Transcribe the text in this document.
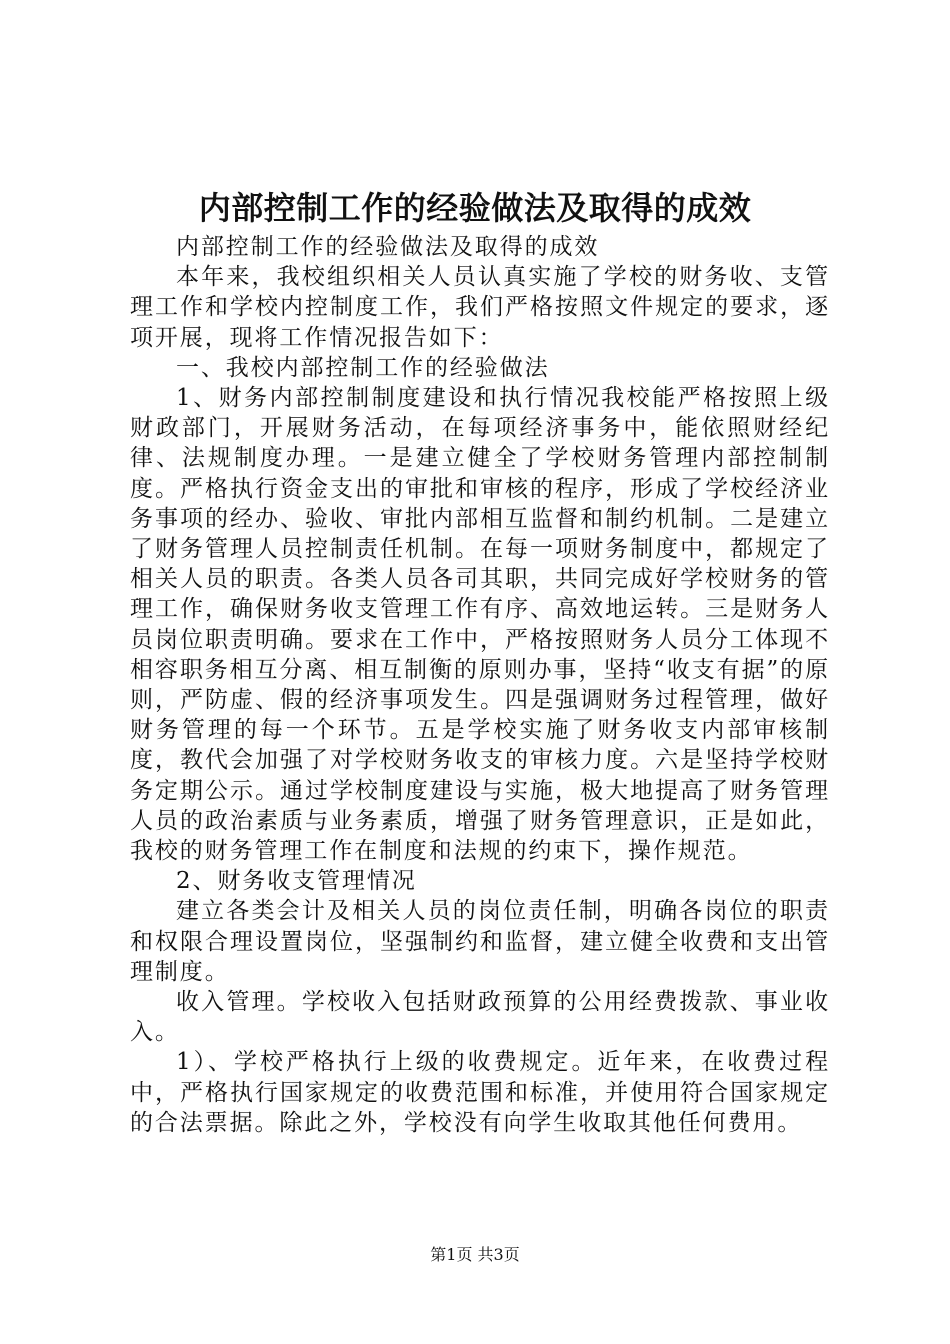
内部控制工作的经验做法及取得的成效

内部控制工作的经验做法及取得的成效

本年来，我校组织相关人员认真实施了学校的财务收、支管理工作和学校内控制度工作，我们严格按照文件规定的要求，逐项开展，现将工作情况报告如下：

一、我校内部控制工作的经验做法

1、财务内部控制制度建设和执行情况我校能严格按照上级财政部门，开展财务活动，在每项经济事务中，能依照财经纪律、法规制度办理。一是建立健全了学校财务管理内部控制制度。严格执行资金支出的审批和审核的程序，形成了学校经济业务事项的经办、验收、审批内部相互监督和制约机制。二是建立了财务管理人员控制责任机制。在每一项财务制度中，都规定了相关人员的职责。各类人员各司其职，共同完成好学校财务的管理工作，确保财务收支管理工作有序、高效地运转。三是财务人员岗位职责明确。要求在工作中，严格按照财务人员分工体现不相容职务相互分离、相互制衡的原则办事，坚持“收支有据”的原则，严防虚、假的经济事项发生。四是强调财务过程管理，做好财务管理的每一个环节。五是学校实施了财务收支内部审核制度，教代会加强了对学校财务收支的审核力度。六是坚持学校财务定期公示。通过学校制度建设与实施，极大地提高了财务管理人员的政治素质与业务素质，增强了财务管理意识，正是如此，我校的财务管理工作在制度和法规的约束下，操作规范。

2、财务收支管理情况

建立各类会计及相关人员的岗位责任制，明确各岗位的职责和权限合理设置岗位，坚强制约和监督，建立健全收费和支出管理制度。

收入管理。学校收入包括财政预算的公用经费拨款、事业收入。

1）、学校严格执行上级的收费规定。近年来，在收费过程中，严格执行国家规定的收费范围和标准，并使用符合国家规定的合法票据。除此之外，学校没有向学生收取其他任何费用。

第1页 共3页
